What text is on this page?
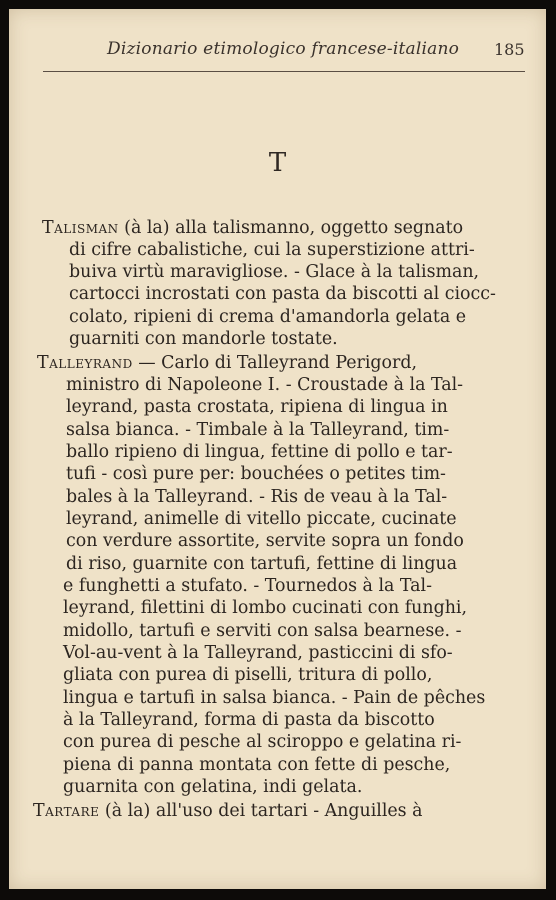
Dizionario etimologico francese-italiano 185
T
Talisman (à la) alla talismanno, oggetto segnato
di cifre cabalistiche, cui la superstizione attri-
buiva virtù maravigliose. - Glace à la talisman,
cartocci incrostati con pasta da biscotti al ciocc-
colato, ripieni di crema d'amandorla gelata e
guarniti con mandorle tostate.
Talleyrand — Carlo di Talleyrand Perigord,
ministro di Napoleone I. - Croustade à la Tal-
leyrand, pasta crostata, ripiena di lingua in
salsa bianca. - Timbale à la Talleyrand, tim-
ballo ripieno di lingua, fettine di pollo e tar-
tufi - così pure per: bouchées o petites tim-
bales à la Talleyrand. - Ris de veau à la Tal-
leyrand, animelle di vitello piccate, cucinate
con verdure assortite, servite sopra un fondo
di riso, guarnite con tartufi, fettine di lingua
e funghetti a stufato. - Tournedos à la Tal-
leyrand, filettini di lombo cucinati con funghi,
midollo, tartufi e serviti con salsa bearnese. -
Vol-au-vent à la Talleyrand, pasticcini di sfo-
gliata con purea di piselli, tritura di pollo,
lingua e tartufi in salsa bianca. - Pain de pêches
à la Talleyrand, forma di pasta da biscotto
con purea di pesche al sciroppo e gelatina ri-
piena di panna montata con fette di pesche,
guarnita con gelatina, indi gelata.
Tartare (à la) all'uso dei tartari - Anguilles à
